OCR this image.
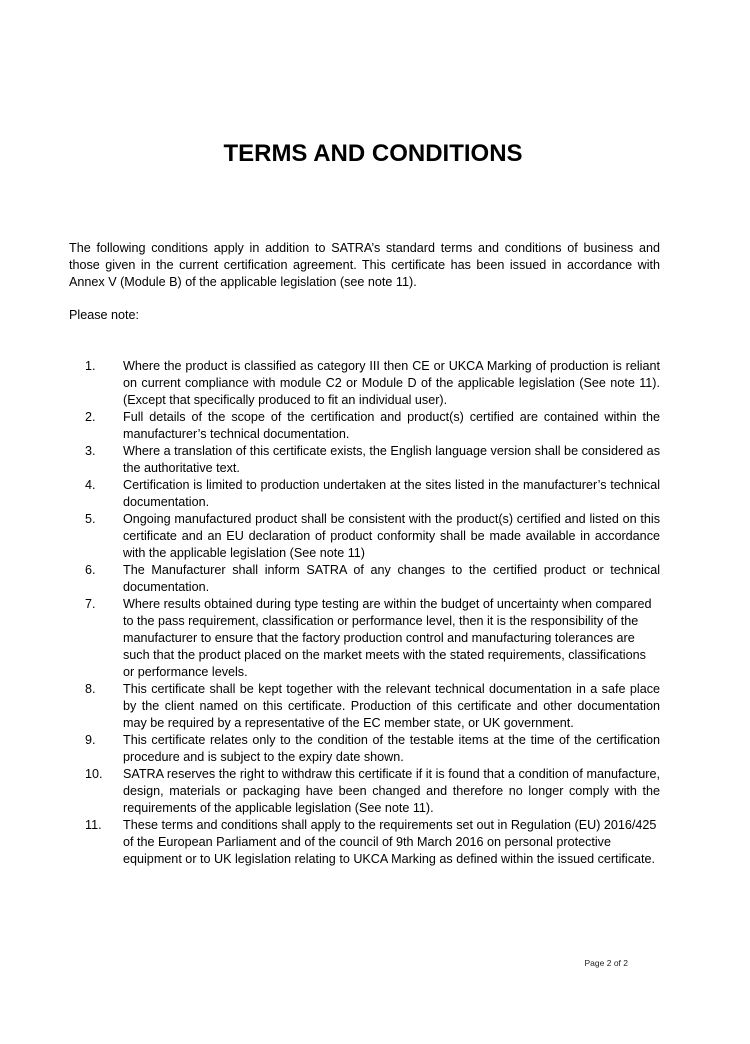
TERMS AND CONDITIONS

The following conditions apply in addition to SATRA’s standard terms and conditions of business and those given in the current certification agreement. This certificate has been issued in accordance with Annex V (Module B) of the applicable legislation (see note 11).

Please note:

1.	Where the product is classified as category III then CE or UKCA Marking of production is reliant on current compliance with module C2 or Module D of the applicable legislation (See note 11). (Except that specifically produced to fit an individual user).
2.	Full details of the scope of the certification and product(s) certified are contained within the manufacturer’s technical documentation.
3.	Where a translation of this certificate exists, the English language version shall be considered as the authoritative text.
4.	Certification is limited to production undertaken at the sites listed in the manufacturer’s technical documentation.
5.	Ongoing manufactured product shall be consistent with the product(s) certified and listed on this certificate and an EU declaration of product conformity shall be made available in accordance with the applicable legislation (See note 11)
6.	The Manufacturer shall inform SATRA of any changes to the certified product or technical documentation.
7.	Where results obtained during type testing are within the budget of uncertainty when compared to the pass requirement, classification or performance level, then it is the responsibility of the manufacturer to ensure that the factory production control and manufacturing tolerances are such that the product placed on the market meets with the stated requirements, classifications or performance levels.
8.	This certificate shall be kept together with the relevant technical documentation in a safe place by the client named on this certificate. Production of this certificate and other documentation may be required by a representative of the EC member state, or UK government.
9.	This certificate relates only to the condition of the testable items at the time of the certification procedure and is subject to the expiry date shown.
10.	SATRA reserves the right to withdraw this certificate if it is found that a condition of manufacture, design, materials or packaging have been changed and therefore no longer comply with the requirements of the applicable legislation (See note 11).
11.	These terms and conditions shall apply to the requirements set out in Regulation (EU) 2016/425 of the European Parliament and of the council of 9th March 2016 on personal protective equipment or to UK legislation relating to UKCA Marking as defined within the issued certificate.
Page 2 of 2
